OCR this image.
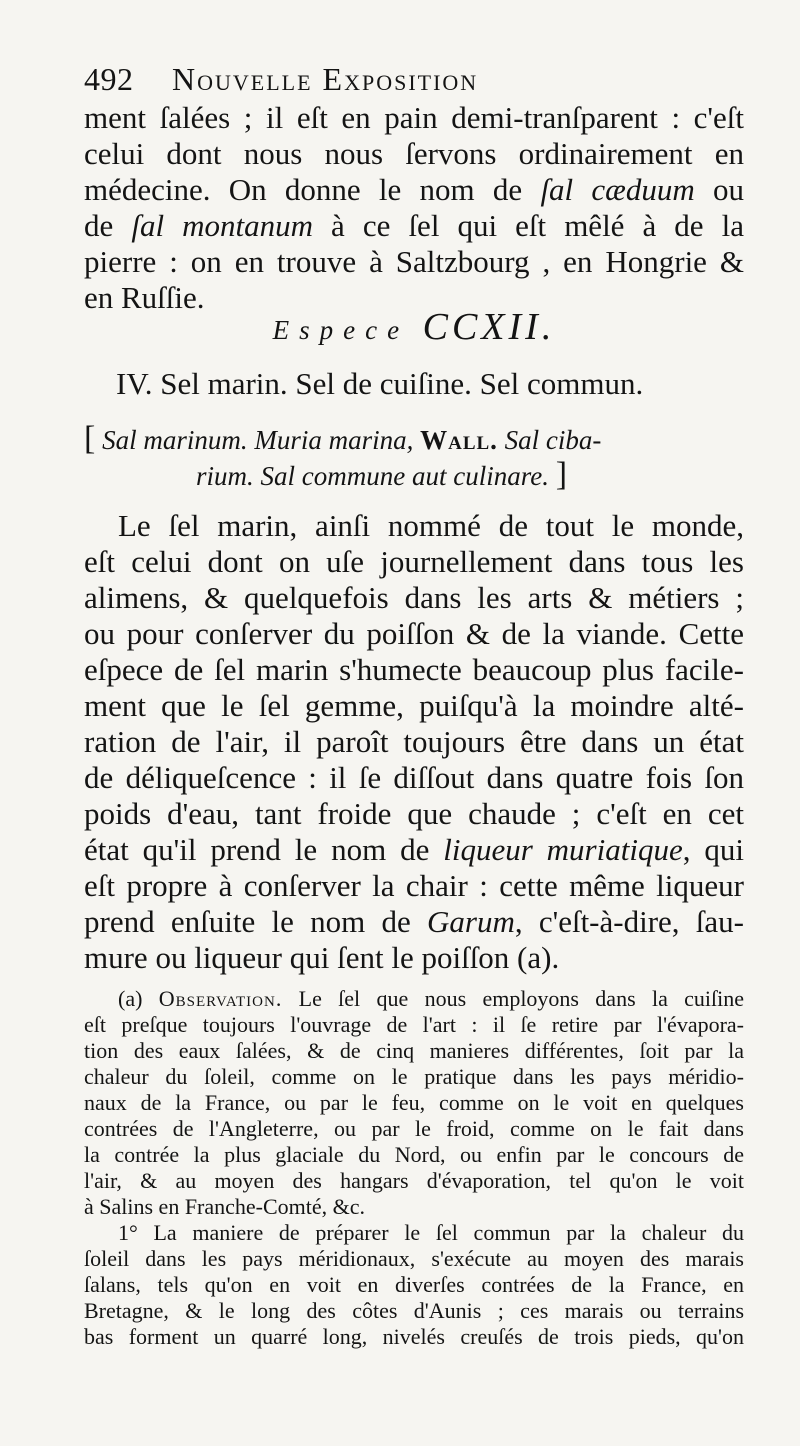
492 Nouvelle Exposition
ment ſalées ; il eſt en pain demi-tranſparent : c'eſt
celui dont nous nous ſervons ordinairement en
médecine. On donne le nom de ſal cæduum ou
de ſal montanum à ce ſel qui eſt mêlé à de la
pierre : on en trouve à Saltzbourg , en Hongrie &
en Ruſſie.
Espece CCXII.
IV. Sel marin. Sel de cuiſine. Sel commun.
[ Sal marinum. Muria marina, Wall. Sal ciba-
rium. Sal commune aut culinare. ]
Le ſel marin, ainſi nommé de tout le monde,
eſt celui dont on uſe journellement dans tous les
alimens, & quelquefois dans les arts & métiers ;
ou pour conſerver du poiſſon & de la viande. Cette
eſpece de ſel marin s'humecte beaucoup plus facile-
ment que le ſel gemme, puiſqu'à la moindre alté-
ration de l'air, il paroît toujours être dans un état
de déliqueſcence : il ſe diſſout dans quatre fois ſon
poids d'eau, tant froide que chaude ; c'eſt en cet
état qu'il prend le nom de liqueur muriatique, qui
eſt propre à conſerver la chair : cette même liqueur
prend enſuite le nom de Garum, c'eſt-à-dire, ſau-
mure ou liqueur qui ſent le poiſſon (a).
(a) Observation. Le ſel que nous employons dans la cuiſine
eſt preſque toujours l'ouvrage de l'art : il ſe retire par l'évapora-
tion des eaux ſalées, & de cinq manieres différentes, ſoit par la
chaleur du ſoleil, comme on le pratique dans les pays méridio-
naux de la France, ou par le feu, comme on le voit en quelques
contrées de l'Angleterre, ou par le froid, comme on le fait dans
la contrée la plus glaciale du Nord, ou enfin par le concours de
l'air, & au moyen des hangars d'évaporation, tel qu'on le voit
à Salins en Franche-Comté, &c.
1° La maniere de préparer le ſel commun par la chaleur du
ſoleil dans les pays méridionaux, s'exécute au moyen des marais
ſalans, tels qu'on en voit en diverſes contrées de la France, en
Bretagne, & le long des côtes d'Aunis ; ces marais ou terrains
bas forment un quarré long, nivelés creuſés de trois pieds, qu'on
